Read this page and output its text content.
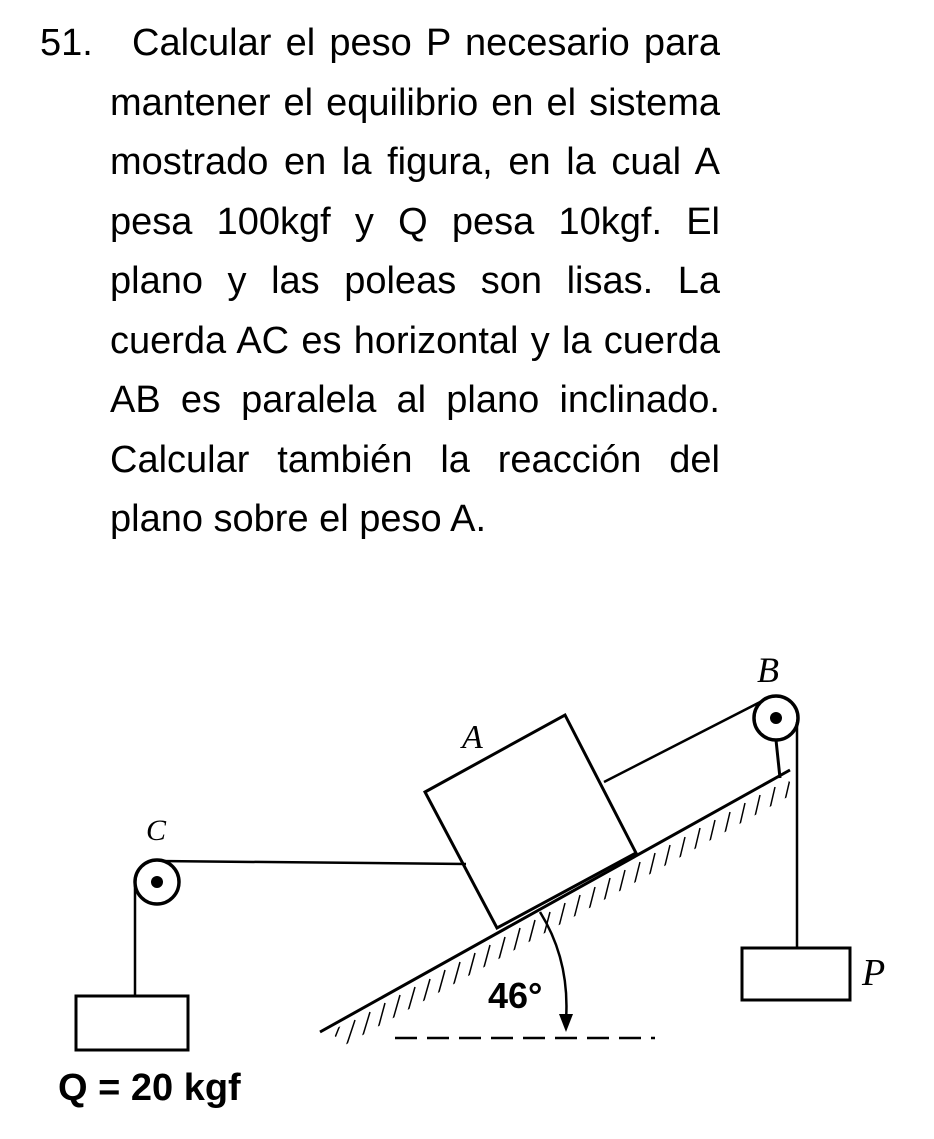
51.	Calcular el peso P necesario para mantener el equilibrio en el sistema mostrado en la figura, en la cual A pesa 100kgf y Q pesa 10kgf. El plano y las poleas son lisas. La cuerda AC es horizontal y la cuerda AB es paralela al plano inclinado. Calcular también la reacción del plano sobre el peso A.
46°
A
B
P
C
Q = 20 kgf
